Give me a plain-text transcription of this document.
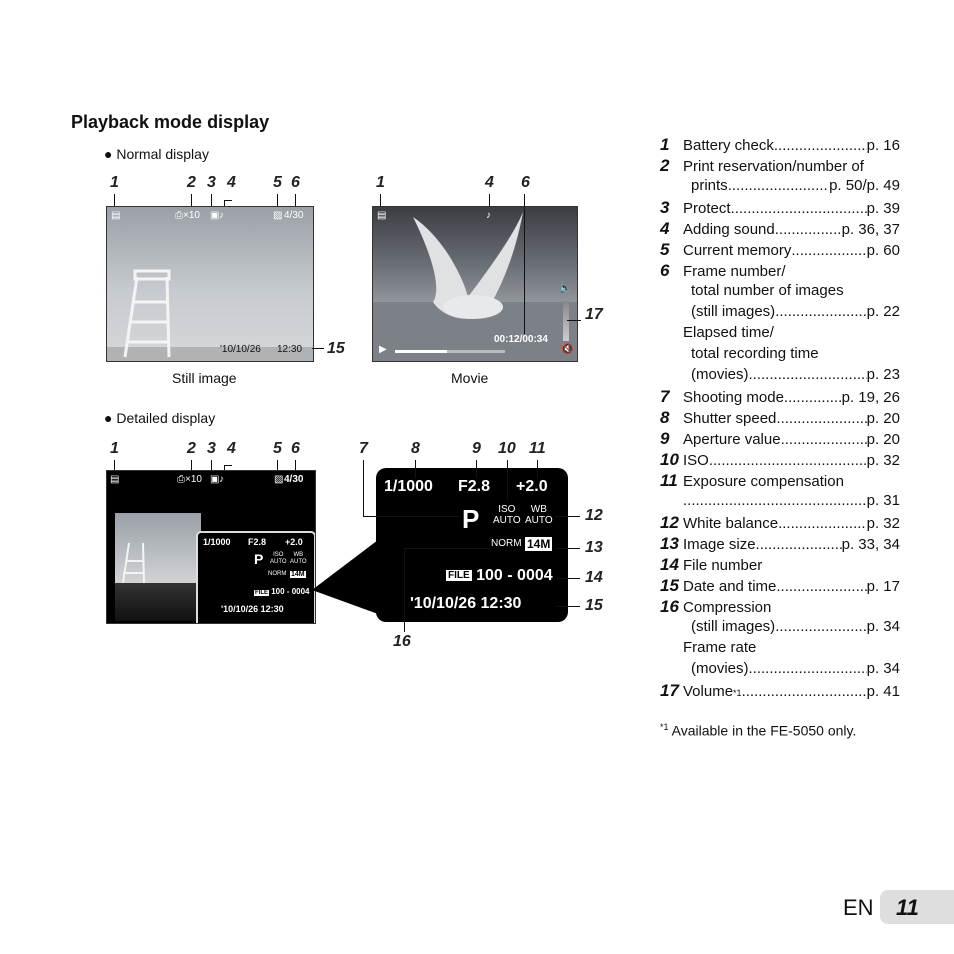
Playback mode display
● Normal display
1	2 3 4 5 6
▤	⎙×10 ▣ ♪	▨ 4/30
'10/10/26 12:30 15
Still image
1	4 6
▤	♪
🔈
00:12/00:34
▶	🔇
17
Movie
● Detailed display
1	2 3 4 5 6
▤	⎙×10 ▣ ♪	▨ 4/30
1/1000 F2.8 +2.0
P	ISO
AUTO
WB
AUTO
NORM 14M
FILE 100 - 0004
'10/10/26 12:30
7	8	9 10 11
1/1000 F2.8 +2.0
P	ISO
AUTO
WB
AUTO
NORM 14M
FILE 100 - 0004
'10/10/26 12:30
12
13
14
15
16
1 Battery check .....	p. 16
2 Print reservation/number of
prints .....	p. 50/p. 49
3 Protect .....	p. 39
4 Adding sound .....	p. 36, 37
5 Current memory .....	p. 60
6 Frame number/
total number of images
(still images) .....	p. 22
Elapsed time/
total recording time
(movies) .....	p. 23
7 Shooting mode .....	p. 19, 26
8 Shutter speed .....	p. 20
9 Aperture value .....	p. 20
10 ISO .....	p. 32
11 Exposure compensation
.....
p. 31
12 White balance .....	p. 32
13 Image size .....	p. 33, 34
14 File number
15 Date and time .....	p. 17
16 Compression
(still images) .....	p. 34
Frame rate
(movies) .....	p. 34
17 Volume *1 .....	p. 41
$^{*1}$ Available in the FE-5050 only.
EN 11
